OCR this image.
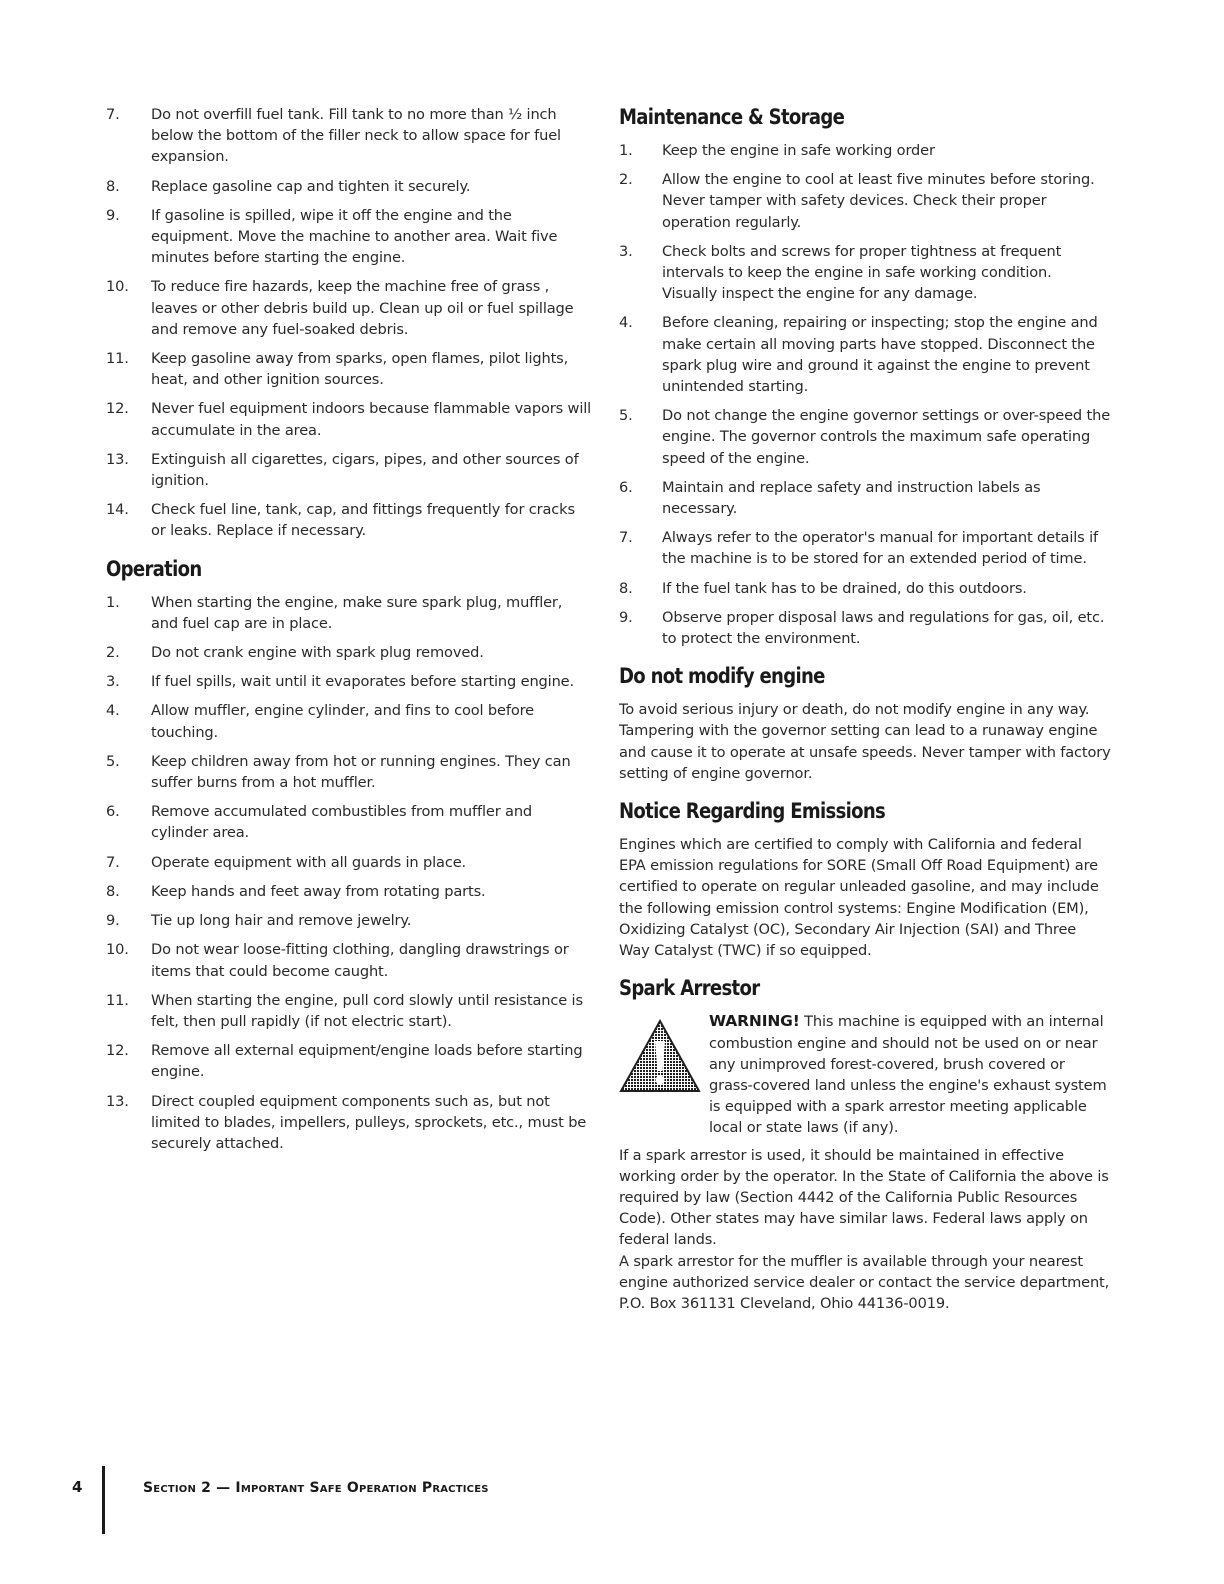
7.	Do not overfill fuel tank. Fill tank to no more than ½ inch below the bottom of the filler neck to allow space for fuel expansion.
8.	Replace gasoline cap and tighten it securely.
9.	If gasoline is spilled, wipe it off the engine and the equipment. Move the machine to another area. Wait five minutes before starting the engine.
10.	To reduce fire hazards, keep the machine free of grass , leaves or other debris build up. Clean up oil or fuel spillage and remove any fuel-soaked debris.
11.	Keep gasoline away from sparks, open flames, pilot lights, heat, and other ignition sources.
12.	Never fuel equipment indoors because flammable vapors will accumulate in the area.
13.	Extinguish all cigarettes, cigars, pipes, and other sources of ignition.
14.	Check fuel line, tank, cap, and fittings frequently for cracks or leaks. Replace if necessary.
Operation
1.	When starting the engine, make sure spark plug, muffler, and fuel cap are in place.
2.	Do not crank engine with spark plug removed.
3.	If fuel spills, wait until it evaporates before starting engine.
4.	Allow muffler, engine cylinder, and fins to cool before touching.
5.	Keep children away from hot or running engines. They can suffer burns from a hot muffler.
6.	Remove accumulated combustibles from muffler and cylinder area.
7.	Operate equipment with all guards in place.
8.	Keep hands and feet away from rotating parts.
9.	Tie up long hair and remove jewelry.
10.	Do not wear loose-fitting clothing, dangling drawstrings or items that could become caught.
11.	When starting the engine, pull cord slowly until resistance is felt, then pull rapidly (if not electric start).
12.	Remove all external equipment/engine loads before starting engine.
13.	Direct coupled equipment components such as, but not limited to blades, impellers, pulleys, sprockets, etc., must be securely attached.
Maintenance & Storage
1.	Keep the engine in safe working order
2.	Allow the engine to cool at least five minutes before storing. Never tamper with safety devices. Check their proper operation regularly.
3.	Check bolts and screws for proper tightness at frequent intervals to keep the engine in safe working condition. Visually inspect the engine for any damage.
4.	Before cleaning, repairing or inspecting; stop the engine and make certain all moving parts have stopped. Disconnect the spark plug wire and ground it against the engine to prevent unintended starting.
5.	Do not change the engine governor settings or over-speed the engine. The governor controls the maximum safe operating speed of the engine.
6.	Maintain and replace safety and instruction labels as necessary.
7.	Always refer to the operator's manual for important details if the machine is to be stored for an extended period of time.
8.	If the fuel tank has to be drained, do this outdoors.
9.	Observe proper disposal laws and regulations for gas, oil, etc. to protect the environment.
Do not modify engine

To avoid serious injury or death, do not modify engine in any way. Tampering with the governor setting can lead to a runaway engine and cause it to operate at unsafe speeds. Never tamper with factory setting of engine governor.

Notice Regarding Emissions

Engines which are certified to comply with California and federal EPA emission regulations for SORE (Small Off Road Equipment) are certified to operate on regular unleaded gasoline, and may include the following emission control systems: Engine Modification (EM), Oxidizing Catalyst (OC), Secondary Air Injection (SAI) and Three Way Catalyst (TWC) if so equipped.

Spark Arrestor
WARNING! This machine is equipped with an internal combustion engine and should not be used on or near any unimproved forest-covered, brush covered or grass-covered land unless the engine's exhaust system is equipped with a spark arrestor meeting applicable local or state laws (if any).

If a spark arrestor is used, it should be maintained in effective working order by the operator. In the State of California the above is required by law (Section 4442 of the California Public Resources Code). Other states may have similar laws. Federal laws apply on federal lands.

A spark arrestor for the muffler is available through your nearest engine authorized service dealer or contact the service department, P.O. Box 361131 Cleveland, Ohio 44136-0019.

4	Section 2 — Important Safe Operation Practices
